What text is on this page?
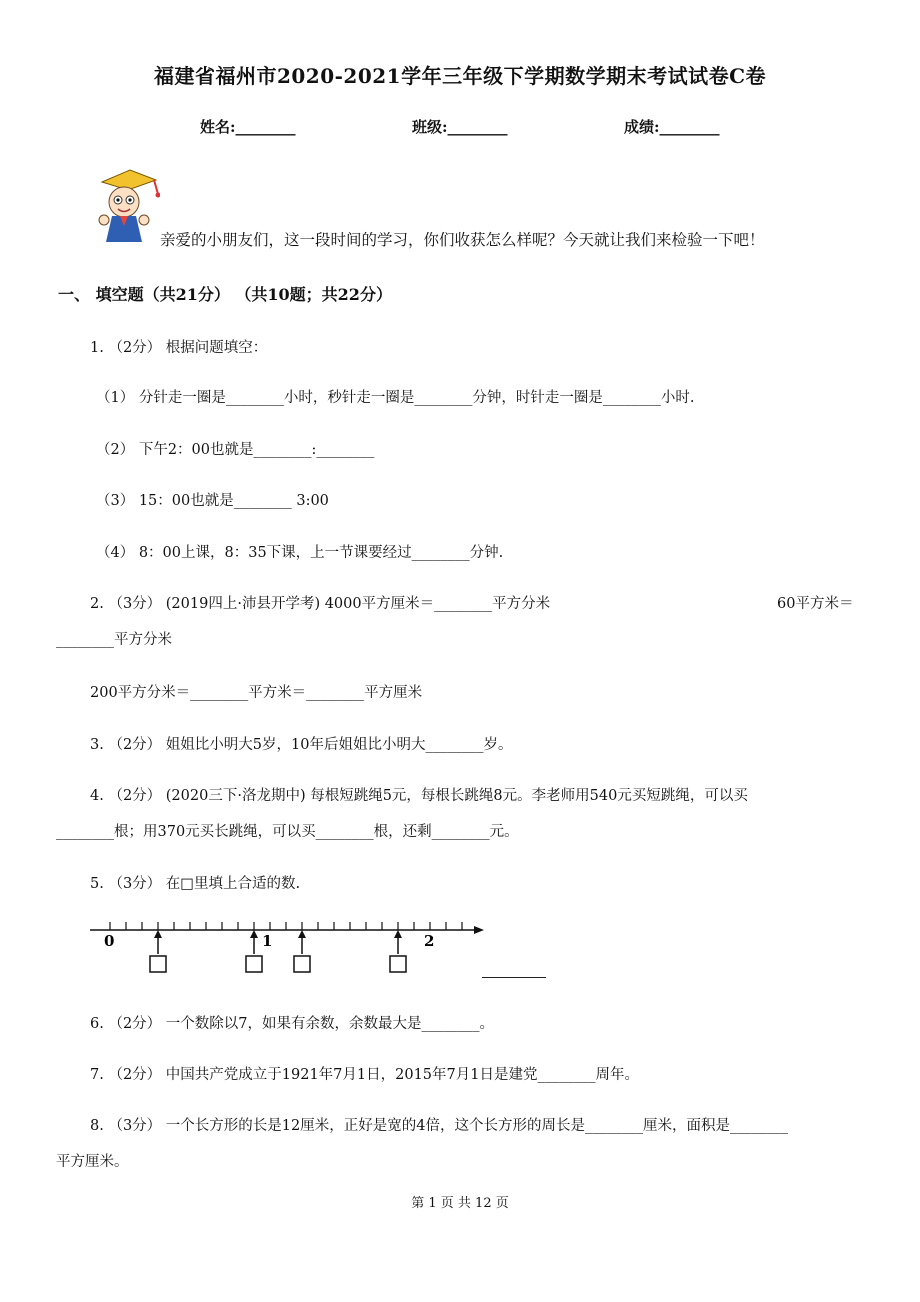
福建省福州市2020-2021学年三年级下学期数学期末考试试卷C卷
姓名:________	班级:________	成绩:________
亲爱的小朋友们，这一段时间的学习，你们收获怎么样呢？今天就让我们来检验一下吧！
一、 填空题（共21分） （共10题；共22分）
1. （2分） 根据问题填空：
（1） 分针走一圈是________小时，秒针走一圈是________分钟，时针走一圈是________小时.
（2） 下午2：00也就是________:________
（3） 15：00也就是________ 3:00
（4） 8：00上课，8：35下课，上一节课要经过________分钟.
2. （3分） (2019四上·沛县开学考) 4000平方厘米＝________平方分米	60平方米＝
________平方分米
200平方分米＝________平方米＝________平方厘米
3. （2分） 姐姐比小明大5岁，10年后姐姐比小明大________岁。
4. （2分） (2020三下·洛龙期中) 每根短跳绳5元，每根长跳绳8元。李老师用540元买短跳绳，可以买
________根；用370元买长跳绳，可以买________根，还剩________元。
5. （3分） 在□里填上合适的数.
0	1	2
6. （2分） 一个数除以7，如果有余数，余数最大是________。
7. （2分） 中国共产党成立于1921年7月1日，2015年7月1日是建党________周年。
8. （3分） 一个长方形的长是12厘米，正好是宽的4倍，这个长方形的周长是________厘米，面积是________
平方厘米。
第 1 页 共 12 页
